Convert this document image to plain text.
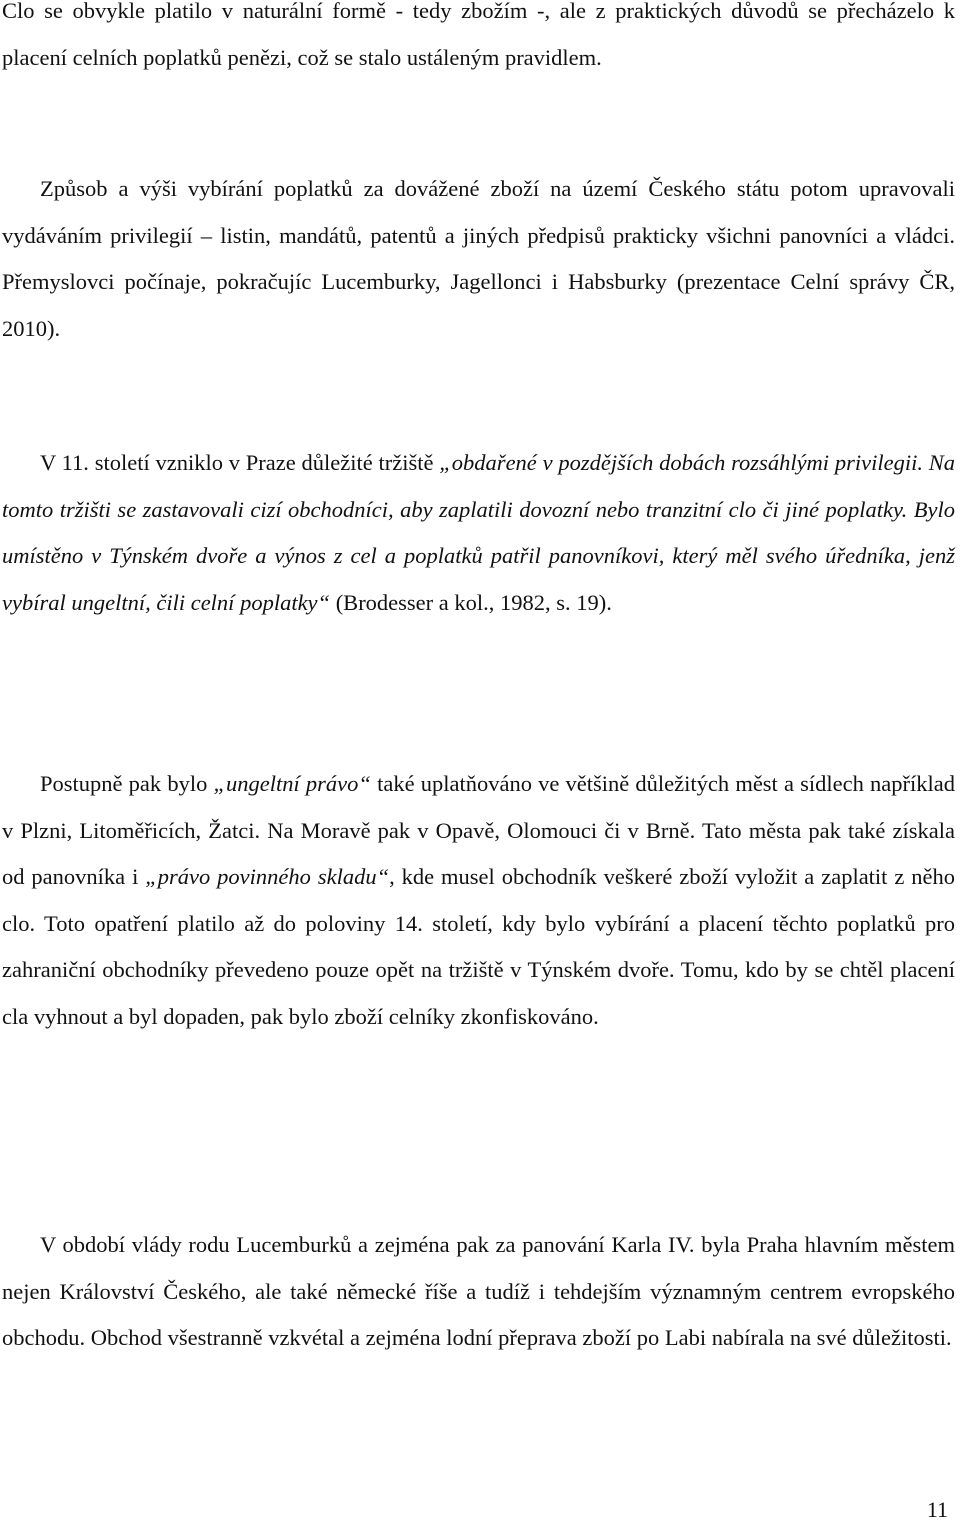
Clo se obvykle platilo v naturální formě - tedy zbožím -, ale z praktických důvodů se přecházelo k placení celních poplatků penězi, což se stalo ustáleným pravidlem.

Způsob a výši vybírání poplatků za dovážené zboží na území Českého státu potom upravovali vydáváním privilegií – listin, mandátů, patentů a jiných předpisů prakticky všichni panovníci a vládci. Přemyslovci počínaje, pokračujíc Lucemburky, Jagellonci i Habsburky (prezentace Celní správy ČR, 2010).

V 11. století vzniklo v Praze důležité tržiště „obdařené v pozdějších dobách rozsáhlými privilegii. Na tomto tržišti se zastavovali cizí obchodníci, aby zaplatili dovozní nebo tranzitní clo či jiné poplatky. Bylo umístěno v Týnském dvoře a výnos z cel a poplatků patřil panovníkovi, který měl svého úředníka, jenž vybíral ungeltní, čili celní poplatky“ (Brodesser a kol., 1982, s. 19).

Postupně pak bylo „ungeltní právo“ také uplatňováno ve většině důležitých měst a sídlech například v Plzni, Litoměřicích, Žatci. Na Moravě pak v Opavě, Olomouci či v Brně. Tato města pak také získala od panovníka i „právo povinného skladu“, kde musel obchodník veškeré zboží vyložit a zaplatit z něho clo. Toto opatření platilo až do poloviny 14. století, kdy bylo vybírání a placení těchto poplatků pro zahraniční obchodníky převedeno pouze opět na tržiště v Týnském dvoře. Tomu, kdo by se chtěl placení cla vyhnout a byl dopaden, pak bylo zboží celníky zkonfiskováno.

V období vlády rodu Lucemburků a zejména pak za panování Karla IV. byla Praha hlavním městem nejen Království Českého, ale také německé říše a tudíž i tehdejším významným centrem evropského obchodu. Obchod všestranně vzkvétal a zejména lodní přeprava zboží po Labi nabírala na své důležitosti.

11
